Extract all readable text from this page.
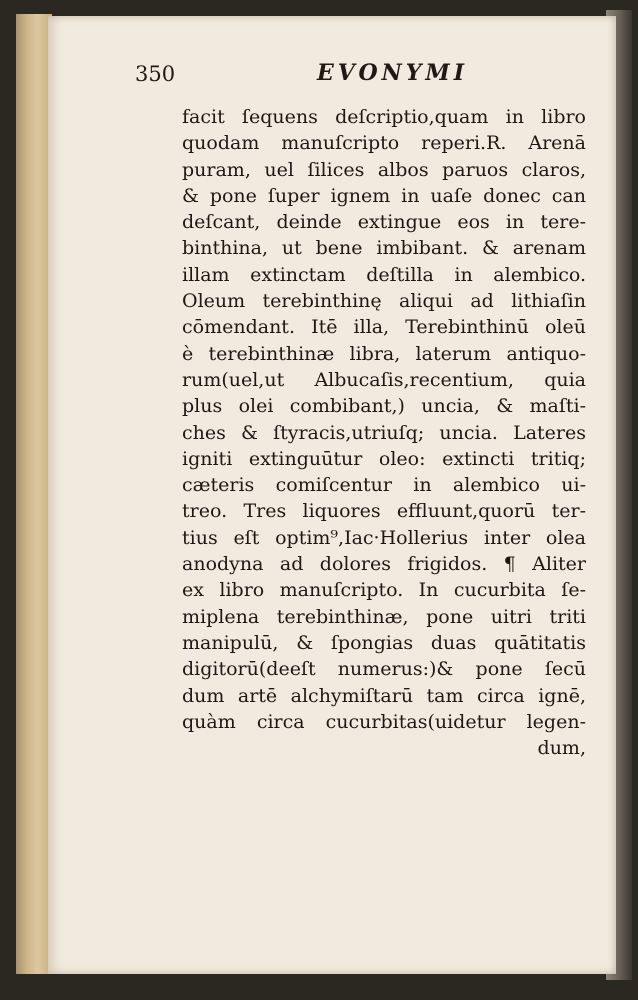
350	EVONYMI
facit ſequens deſcriptio,quam in libro
quodam manuſcripto reperi.R. Arenā
puram, uel ſilices albos paruos claros,
& pone ſuper ignem in uaſe donec can
deſcant, deinde extingue eos in tere-
binthina, ut bene imbibant. & arenam
illam extinctam deſtilla in alembico.
Oleum terebinthinę aliqui ad lithiaſin
cōmendant. Itē illa, Terebinthinū oleū
è terebinthinæ libra, laterum antiquo-
rum(uel,ut Albucaſis,recentium, quia
plus olei combibant,) uncia, & maſti-
ches & ſtyracis,utriuſq; uncia. Lateres
igniti extinguūtur oleo: extincti tritiq;
cæteris comiſcentur in alembico ui-
treo. Tres liquores effluunt,quorū ter-
tius eſt optim⁹,Iac·Hollerius inter olea
anodyna ad dolores frigidos. ¶ Aliter
ex libro manuſcripto. In cucurbita ſe-
miplena terebinthinæ, pone uitri triti
manipulū, & ſpongias duas quātitatis
digitorū(deeſt numerus:)& pone ſecū
dum artē alchymiſtarū tam circa ignē,
quàm circa cucurbitas(uidetur legen-
dum,
